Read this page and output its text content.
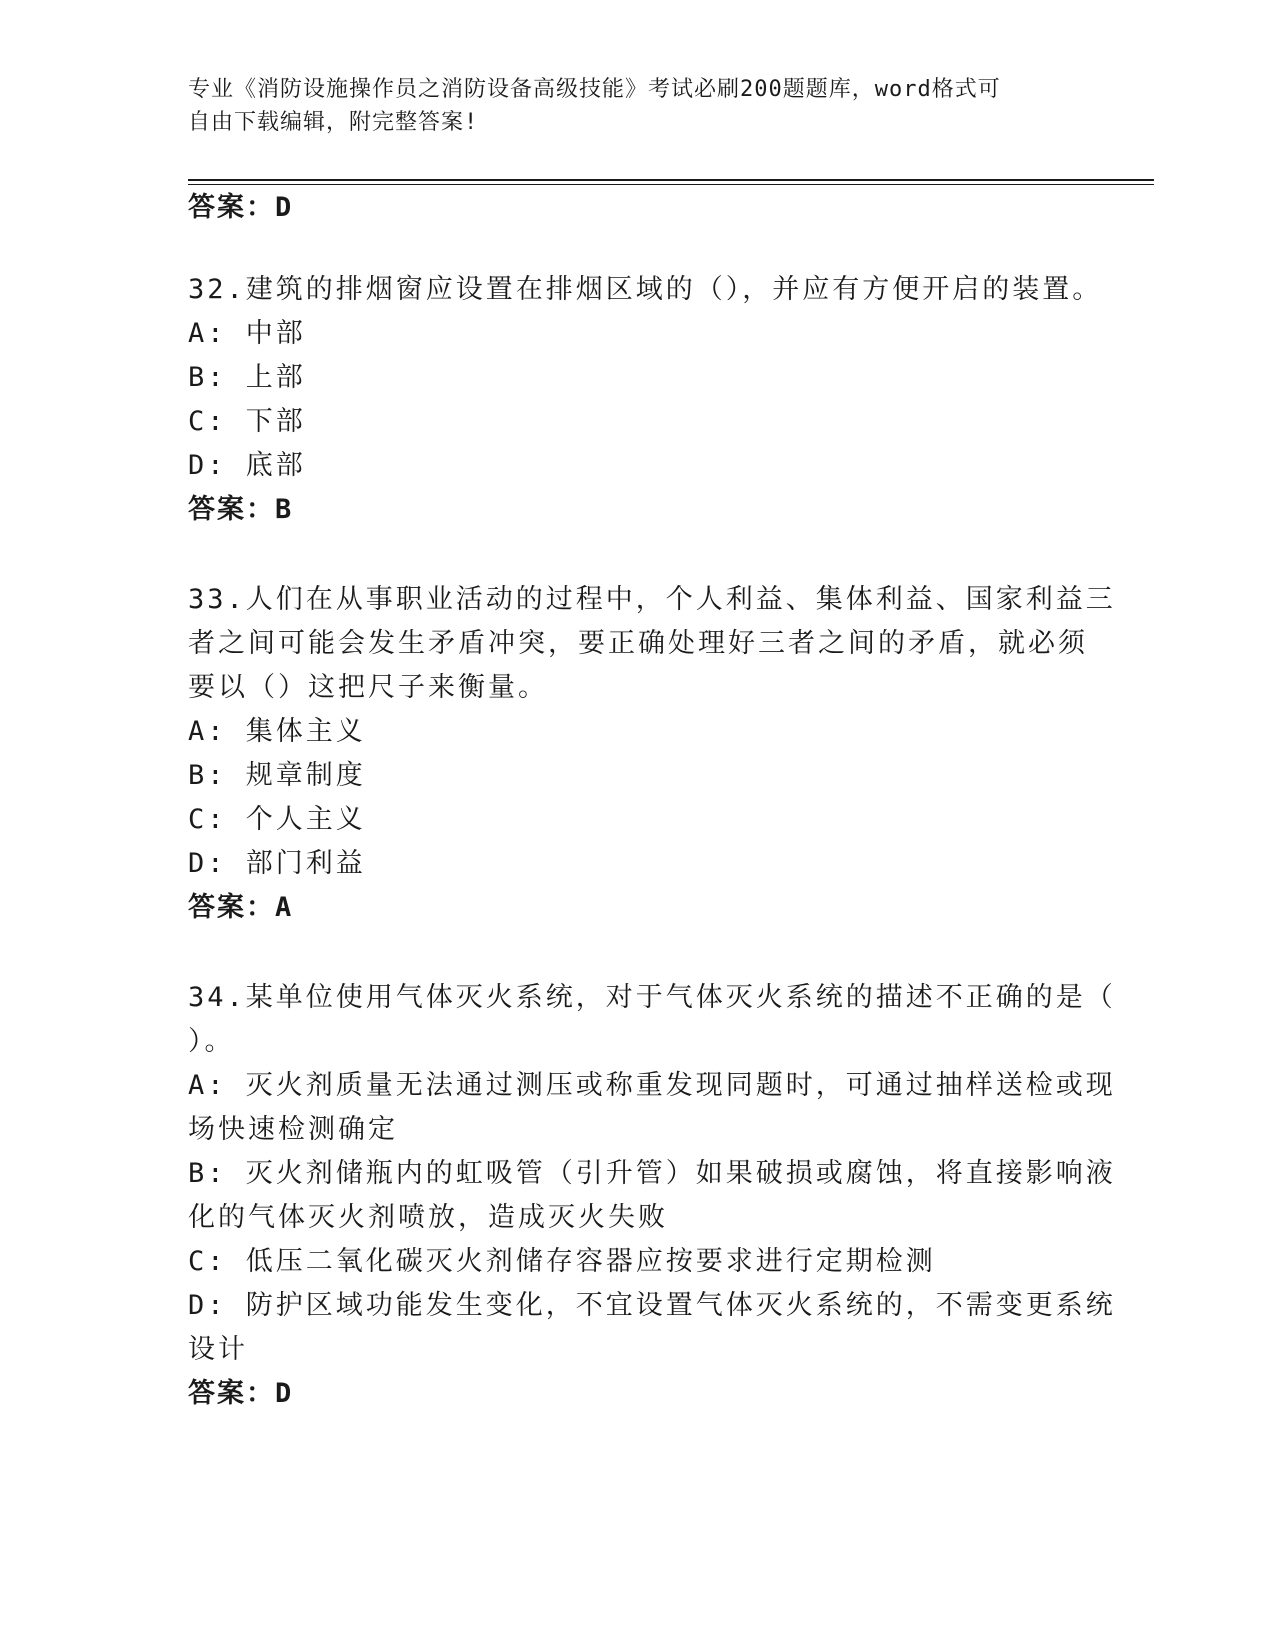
专业《消防设施操作员之消防设备高级技能》考试必刷200题题库，word格式可
自由下载编辑，附完整答案!
答案：D
32.建筑的排烟窗应设置在排烟区域的（），并应有方便开启的装置。
A: 中部
B: 上部
C: 下部
D: 底部
答案：B
33.人们在从事职业活动的过程中，个人利益、集体利益、国家利益三
者之间可能会发生矛盾冲突，要正确处理好三者之间的矛盾，就必须
要以（）这把尺子来衡量。
A: 集体主义
B: 规章制度
C: 个人主义
D: 部门利益
答案：A
34.某单位使用气体灭火系统，对于气体灭火系统的描述不正确的是（
）。
A: 灭火剂质量无法通过测压或称重发现同题时，可通过抽样送检或现
场快速检测确定
B: 灭火剂储瓶内的虹吸管（引升管）如果破损或腐蚀，将直接影响液
化的气体灭火剂喷放，造成灭火失败
C: 低压二氧化碳灭火剂储存容器应按要求进行定期检测
D: 防护区域功能发生变化，不宜设置气体灭火系统的，不需变更系统
设计
答案：D
